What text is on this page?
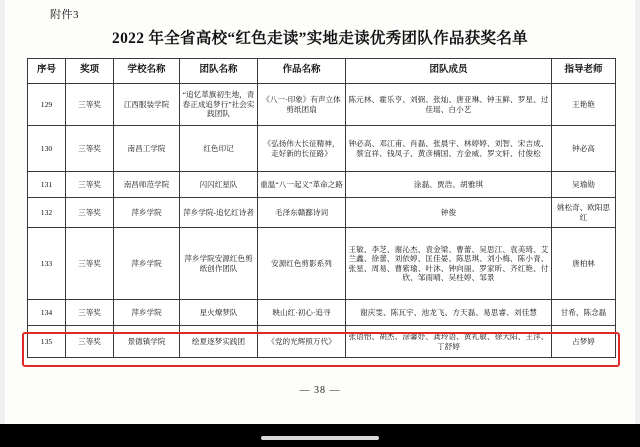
附件3
2022 年全省高校“红色走读”实地走读优秀团队作品获奖名单
序号	奖项	学校名称	团队名称	作品名称	团队成员	指导老师
129	三等奖	江西服装学院	“追忆革旗初生地，青春正成追梦行”社会实践团队	《八一·印象》有声立体剪纸团扇	陈元林、霍乐亨、刘弼、张灿、唐亚琳、钟玉鲜、罗星、过佳瑶、白小艺	王艳艳
130	三等奖	南昌工学院	红色印记	《弘扬伟大长征精神，走好新的长征路》	钟必高、邓江甫、肖磊、张晨宇、林婷婷、刘智、宋吉成、蔡宜祥、钱凤子、黄彦楠国、方金威、罗文轩、付俊松	钟必高
131	三等奖	南昌师范学院	闪闪红星队	重温“八一起义”革命之路	涂磊、贾浩、胡雅琪	吴瑜勋
132	三等奖	萍乡学院	萍乡学院-追忆红诗者	毛泽东赣鄱诗词	钟俊	姚松奇、欧阳思红
133	三等奖	萍乡学院	萍乡学院安源红色剪纸创作团队	安源红色剪影系列	王敏、李芝、谢沁杰、袁金梁、曹蕾、吴思江、袁美琦、艾兰鑫、徐蕾、刘依婷、匡佳晏、陈思琪、刘小梅、陈小青、张星、周易、曹紫瑜、叶沐、钟向丽、罗家昕、齐红艳、付欣、邹雨晴、吴柱婷、邹景	唐柏林
134	三等奖	萍乡学院	星火燎梦队	映山红·初心·追寻	谢庆雯、陈瓦宇、池龙飞、方天磊、易思睿、刘佳慧	甘希、陈念磊
135	三等奖	景德镇学院	绘夏逐梦实践团	《党的光辉照万代》	张语怡、胡杰、涂馨妤、龚玲语、黄礼敏、徐大阳、王洋、丁舒婷	占梦婷
— 38 —
